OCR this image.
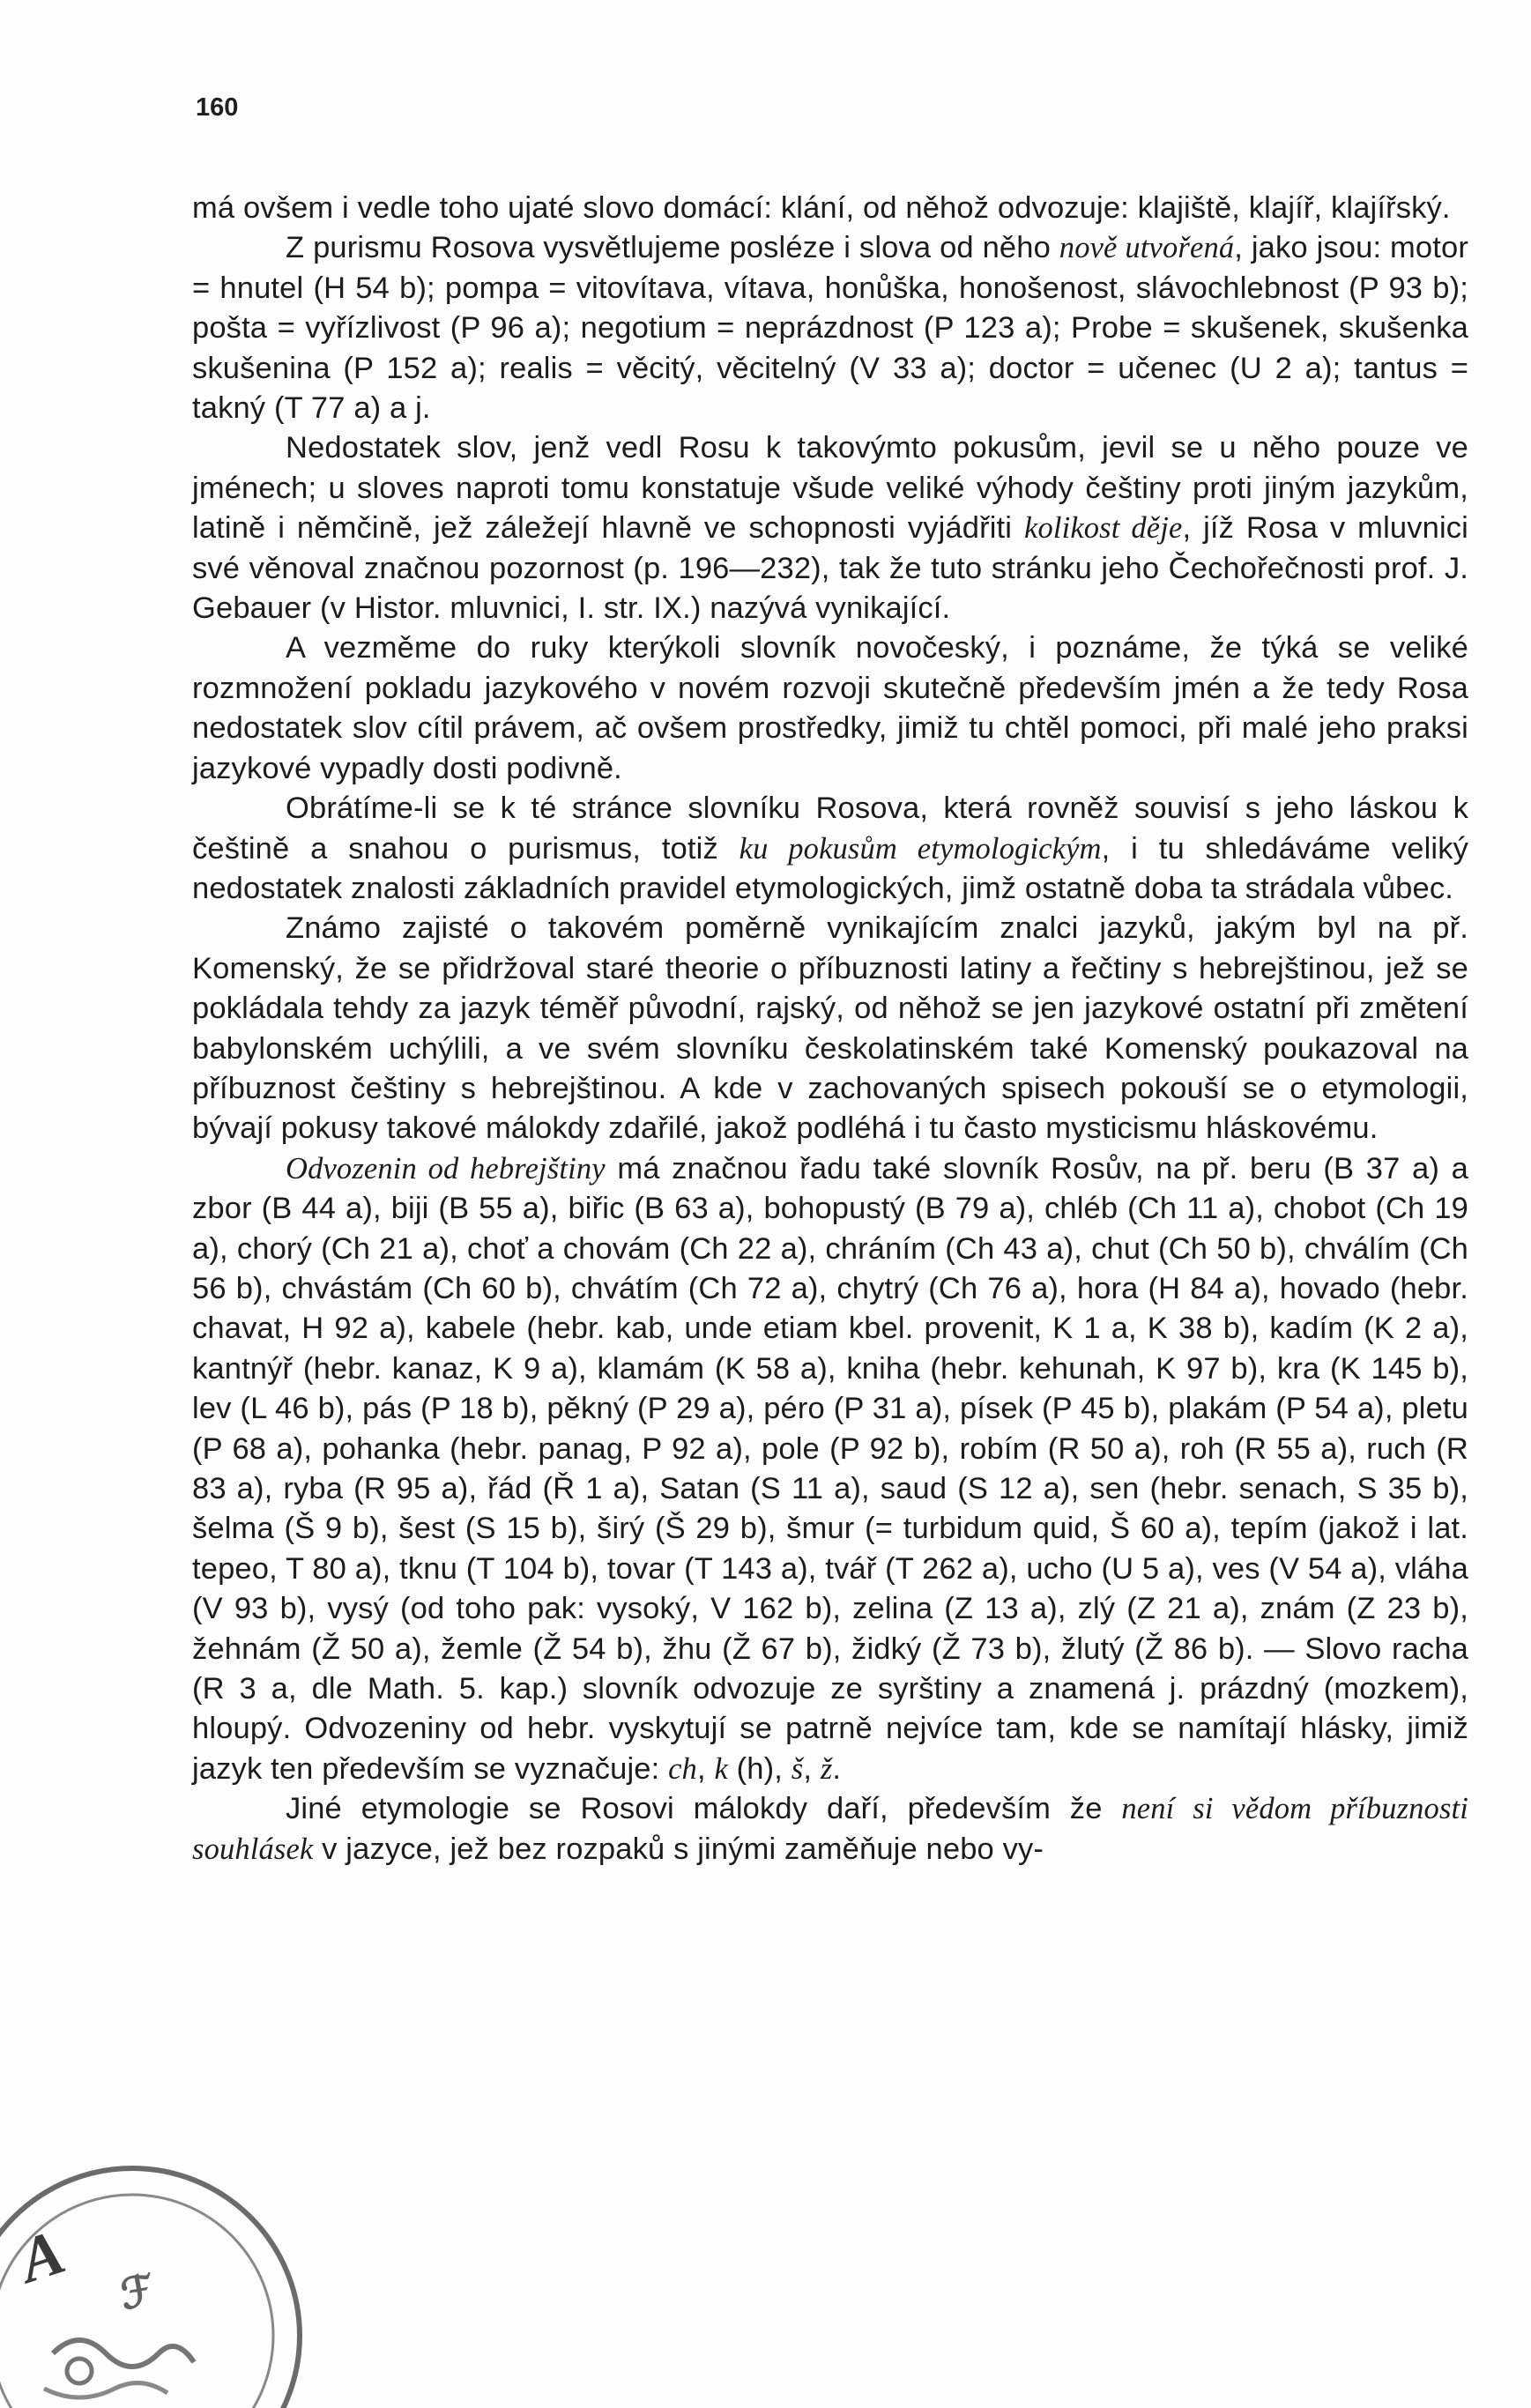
160

má ovšem i vedle toho ujaté slovo domácí: klání, od něhož odvozuje: klajiště, klajíř, klajířský.

Z purismu Rosova vysvětlujeme posléze i slova od něho nově utvořená, jako jsou: motor = hnutel (H 54 b); pompa = vitovítava, vítava, honůška, honošenost, slávochlebnost (P 93 b); pošta = vyřízlivost (P 96 a); negotium = neprázdnost (P 123 a); Probe = skušenek, skušenka skušenina (P 152 a); realis = věcitý, věcitelný (V 33 a); doctor = učenec (U 2 a); tantus = takný (T 77 a) a j.

Nedostatek slov, jenž vedl Rosu k takovýmto pokusům, jevil se u něho pouze ve jménech; u sloves naproti tomu konstatuje všude veliké výhody češtiny proti jiným jazykům, latině i němčině, jež záležejí hlavně ve schopnosti vyjádřiti kolikost děje, jíž Rosa v mluvnici své věnoval značnou pozornost (p. 196—232), tak že tuto stránku jeho Čechořečnosti prof. J. Gebauer (v Histor. mluvnici, I. str. IX.) nazývá vynikající.

A vezměme do ruky kterýkoli slovník novočeský, i poznáme, že týká se veliké rozmnožení pokladu jazykového v novém rozvoji skutečně především jmén a že tedy Rosa nedostatek slov cítil právem, ač ovšem prostředky, jimiž tu chtěl pomoci, při malé jeho praksi jazykové vypadly dosti podivně.

Obrátíme-li se k té stránce slovníku Rosova, která rovněž souvisí s jeho láskou k češtině a snahou o purismus, totiž ku pokusům etymologickým, i tu shledáváme veliký nedostatek znalosti základních pravidel etymologických, jimž ostatně doba ta strádala vůbec.

Známo zajisté o takovém poměrně vynikajícím znalci jazyků, jakým byl na př. Komenský, že se přidržoval staré theorie o příbuznosti latiny a řečtiny s hebrejštinou, jež se pokládala tehdy za jazyk téměř původní, rajský, od něhož se jen jazykové ostatní při změtení babylonském uchýlili, a ve svém slovníku českolatinském také Komenský poukazoval na příbuznost češtiny s hebrejštinou. A kde v zachovaných spisech pokouší se o etymologii, bývají pokusy takové málokdy zdařilé, jakož podléhá i tu často mysticismu hláskovému.

Odvozenin od hebrejštiny má značnou řadu také slovník Rosův, na př. beru (B 37 a) a zbor (B 44 a), biji (B 55 a), biřic (B 63 a), bohopustý (B 79 a), chléb (Ch 11 a), chobot (Ch 19 a), chorý (Ch 21 a), choť a chovám (Ch 22 a), chráním (Ch 43 a), chut (Ch 50 b), chválím (Ch 56 b), chvástám (Ch 60 b), chvátím (Ch 72 a), chytrý (Ch 76 a), hora (H 84 a), hovado (hebr. chavat, H 92 a), kabele (hebr. kab, unde etiam kbel. provenit, K 1 a, K 38 b), kadím (K 2 a), kantnýř (hebr. kanaz, K 9 a), klamám (K 58 a), kniha (hebr. kehunah, K 97 b), kra (K 145 b), lev (L 46 b), pás (P 18 b), pěkný (P 29 a), péro (P 31 a), písek (P 45 b), plakám (P 54 a), pletu (P 68 a), pohanka (hebr. panag, P 92 a), pole (P 92 b), robím (R 50 a), roh (R 55 a), ruch (R 83 a), ryba (R 95 a), řád (Ř 1 a), Satan (S 11 a), saud (S 12 a), sen (hebr. senach, S 35 b), šelma (Š 9 b), šest (S 15 b), širý (Š 29 b), šmur (= turbidum quid, Š 60 a), tepím (jakož i lat. tepeo, T 80 a), tknu (T 104 b), tovar (T 143 a), tvář (T 262 a), ucho (U 5 a), ves (V 54 a), vláha (V 93 b), vysý (od toho pak: vysoký, V 162 b), zelina (Z 13 a), zlý (Z 21 a), znám (Z 23 b), žehnám (Ž 50 a), žemle (Ž 54 b), žhu (Ž 67 b), židký (Ž 73 b), žlutý (Ž 86 b). — Slovo racha (R 3 a, dle Math. 5. kap.) slovník odvozuje ze syrštiny a znamená j. prázdný (mozkem), hloupý. Odvozeniny od hebr. vyskytují se patrně nejvíce tam, kde se namítají hlásky, jimiž jazyk ten především se vyznačuje: ch, k (h), š, ž.

Jiné etymologie se Rosovi málokdy daří, především že není si vědom příbuznosti souhlásek v jazyce, jež bez rozpaků s jinými zaměňuje nebo vy-

A ℱ
